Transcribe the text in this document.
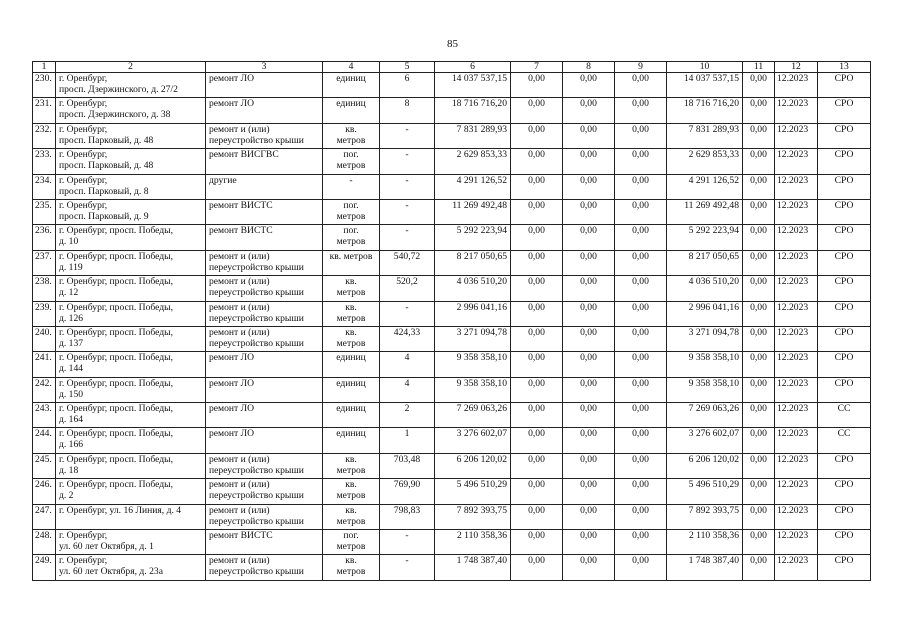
85
1	2	3	4	5	6	7	8	9	10	11	12	13
230.	г. Оренбург,
просп. Дзержинского, д. 27/2	ремонт ЛО	единиц	6	14 037 537,15	0,00	0,00	0,00	14 037 537,15	0,00	12.2023	СРО
231.	г. Оренбург,
просп. Дзержинского, д. 38	ремонт ЛО	единиц	8	18 716 716,20	0,00	0,00	0,00	18 716 716,20	0,00	12.2023	СРО
232.	г. Оренбург,
просп. Парковый, д. 48	ремонт и (или)
переустройство крыши	кв.
метров	-	7 831 289,93	0,00	0,00	0,00	7 831 289,93	0,00	12.2023	СРО
233.	г. Оренбург,
просп. Парковый, д. 48	ремонт ВИСГВС	пог.
метров	-	2 629 853,33	0,00	0,00	0,00	2 629 853,33	0,00	12.2023	СРО
234.	г. Оренбург,
просп. Парковый, д. 8	другие	-	-	4 291 126,52	0,00	0,00	0,00	4 291 126,52	0,00	12.2023	СРО
235.	г. Оренбург,
просп. Парковый, д. 9	ремонт ВИСТС	пог.
метров	-	11 269 492,48	0,00	0,00	0,00	11 269 492,48	0,00	12.2023	СРО
236.	г. Оренбург, просп. Победы,
д. 10	ремонт ВИСТС	пог.
метров	-	5 292 223,94	0,00	0,00	0,00	5 292 223,94	0,00	12.2023	СРО
237.	г. Оренбург, просп. Победы,
д. 119	ремонт и (или)
переустройство крыши	кв. метров	540,72	8 217 050,65	0,00	0,00	0,00	8 217 050,65	0,00	12.2023	СРО
238.	г. Оренбург, просп. Победы,
д. 12	ремонт и (или)
переустройство крыши	кв.
метров	520,2	4 036 510,20	0,00	0,00	0,00	4 036 510,20	0,00	12.2023	СРО
239.	г. Оренбург, просп. Победы,
д. 126	ремонт и (или)
переустройство крыши	кв.
метров	-	2 996 041,16	0,00	0,00	0,00	2 996 041,16	0,00	12.2023	СРО
240.	г. Оренбург, просп. Победы,
д. 137	ремонт и (или)
переустройство крыши	кв.
метров	424,33	3 271 094,78	0,00	0,00	0,00	3 271 094,78	0,00	12.2023	СРО
241.	г. Оренбург, просп. Победы,
д. 144	ремонт ЛО	единиц	4	9 358 358,10	0,00	0,00	0,00	9 358 358,10	0,00	12.2023	СРО
242.	г. Оренбург, просп. Победы,
д. 150	ремонт ЛО	единиц	4	9 358 358,10	0,00	0,00	0,00	9 358 358,10	0,00	12.2023	СРО
243.	г. Оренбург, просп. Победы,
д. 164	ремонт ЛО	единиц	2	7 269 063,26	0,00	0,00	0,00	7 269 063,26	0,00	12.2023	СС
244.	г. Оренбург, просп. Победы,
д. 166	ремонт ЛО	единиц	1	3 276 602,07	0,00	0,00	0,00	3 276 602,07	0,00	12.2023	СС
245.	г. Оренбург, просп. Победы,
д. 18	ремонт и (или)
переустройство крыши	кв.
метров	703,48	6 206 120,02	0,00	0,00	0,00	6 206 120,02	0,00	12.2023	СРО
246.	г. Оренбург, просп. Победы,
д. 2	ремонт и (или)
переустройство крыши	кв.
метров	769,90	5 496 510,29	0,00	0,00	0,00	5 496 510,29	0,00	12.2023	СРО
247.	г. Оренбург, ул. 16 Линия, д. 4	ремонт и (или)
переустройство крыши	кв.
метров	798,83	7 892 393,75	0,00	0,00	0,00	7 892 393,75	0,00	12.2023	СРО
248.	г. Оренбург,
ул. 60 лет Октября, д. 1	ремонт ВИСТС	пог.
метров	-	2 110 358,36	0,00	0,00	0,00	2 110 358,36	0,00	12.2023	СРО
249.	г. Оренбург,
ул. 60 лет Октября, д. 23а	ремонт и (или)
переустройство крыши	кв.
метров	-	1 748 387,40	0,00	0,00	0,00	1 748 387,40	0,00	12.2023	СРО
